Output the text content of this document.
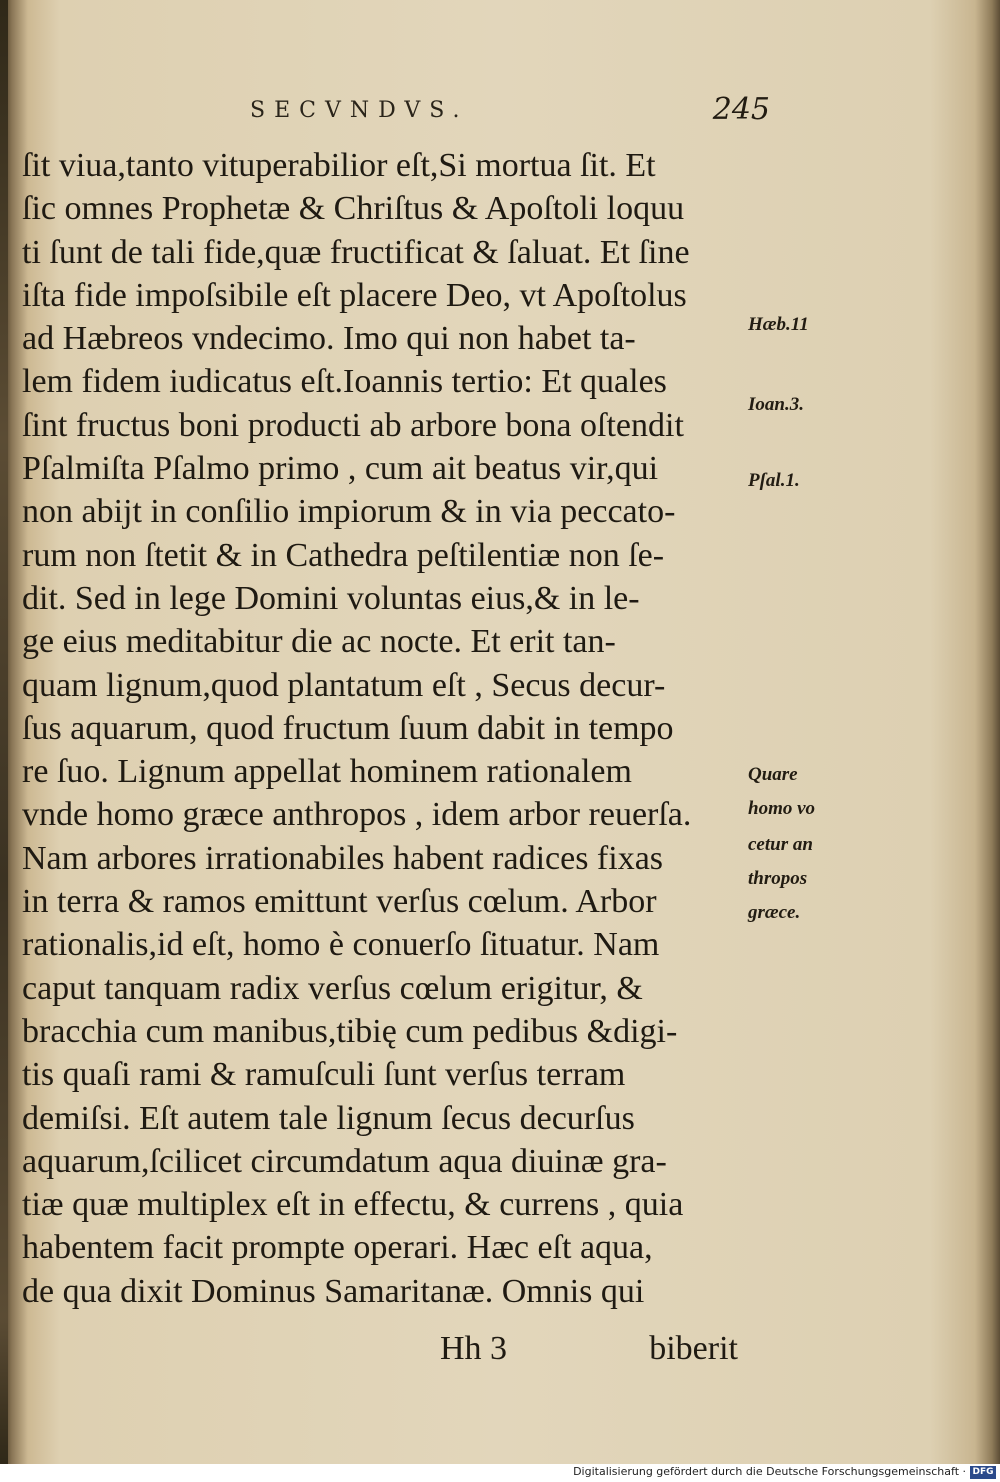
SECVNDVS.	245
ſit viua,tanto vituperabilior eſt,Si mortua ſit. Et
ſic omnes Prophetæ & Chriſtus & Apoſtoli loquu
ti ſunt de tali fide,quæ fructificat & ſaluat. Et ſine
iſta fide impoſsibile eſt placere Deo, vt Apoſtolus
ad Hæbreos vndecimo. Imo qui non habet ta-
lem fidem iudicatus eſt.Ioannis tertio: Et quales
ſint fructus boni producti ab arbore bona oſtendit
Pſalmiſta Pſalmo primo , cum ait beatus vir,qui
non abijt in conſilio impiorum & in via peccato-
rum non ſtetit & in Cathedra peſtilentiæ non ſe-
dit. Sed in lege Domini voluntas eius,& in le-
ge eius meditabitur die ac nocte. Et erit tan-
quam lignum,quod plantatum eſt , Secus decur-
ſus aquarum, quod fructum ſuum dabit in tempo
re ſuo. Lignum appellat hominem rationalem
vnde homo græce anthropos , idem arbor reuerſa.
Nam arbores irrationabiles habent radices fixas
in terra & ramos emittunt verſus cœlum. Arbor
rationalis,id eſt, homo è conuerſo ſituatur. Nam
caput tanquam radix verſus cœlum erigitur, &
bracchia cum manibus,tibię cum pedibus &digi-
tis quaſi rami & ramuſculi ſunt verſus terram
demiſsi. Eſt autem tale lignum ſecus decurſus
aquarum,ſcilicet circumdatum aqua diuinæ gra-
tiæ quæ multiplex eſt in effectu, & currens , quia
habentem facit prompte operari. Hæc eſt aqua,
de qua dixit Dominus Samaritanæ. Omnis qui
Hæb.11
Ioan.3.
Pſal.1.
Quare
homo vo
cetur an
thropos
græce.
Hh 3	biberit
Digitalisierung gefördert durch die Deutsche Forschungsgemeinschaft · DFG
